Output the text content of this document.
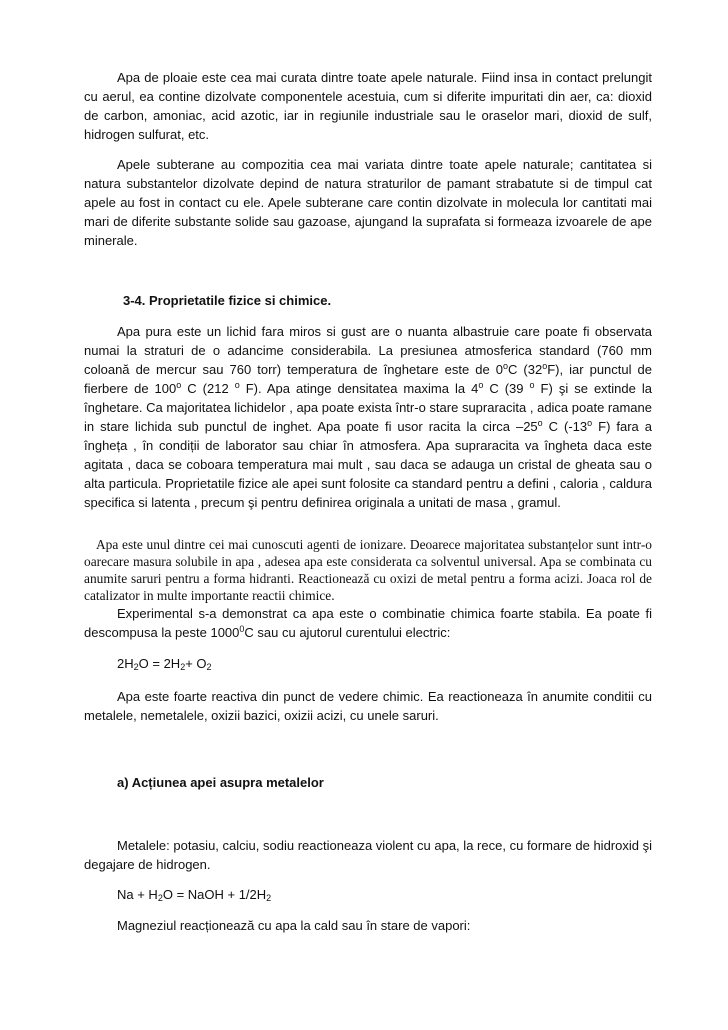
Apa de ploaie este cea mai curata dintre toate apele naturale. Fiind insa in contact prelungit cu aerul, ea contine dizolvate componentele acestuia, cum si diferite impuritati din aer, ca: dioxid de carbon, amoniac, acid azotic, iar in regiunile industriale sau le oraselor mari, dioxid de sulf, hidrogen sulfurat, etc.

Apele subterane au compozitia cea mai variata dintre toate apele naturale; cantitatea si natura substantelor dizolvate depind de natura straturilor de pamant strabatute si de timpul cat apele au fost in contact cu ele. Apele subterane care contin dizolvate in molecula lor cantitati mai mari de diferite substante solide sau gazoase, ajungand la suprafata si formeaza izvoarele de ape minerale.

3-4. Proprietatile fizice si chimice.

Apa pura este un lichid fara miros si gust are o nuanta albastruie care poate fi observata numai la straturi de o adancime considerabila. La presiunea atmosferica standard (760 mm coloană de mercur sau 760 torr) temperatura de înghetare este de 0$^o$C (32$^o$F), iar punctul de fierbere de 100$^o$ C (212 $^o$ F). Apa atinge densitatea maxima la 4$^o$ C (39 $^o$ F) şi se extinde la înghetare. Ca majoritatea lichidelor , apa poate exista într-o stare supraracita , adica poate ramane in stare lichida sub punctul de inghet. Apa poate fi usor racita la circa –25$^o$ C (-13$^o$ F) fara a îngheța , în condiții de laborator sau chiar în atmosfera. Apa supraracita va îngheta daca este agitata , daca se coboara temperatura mai mult , sau daca se adauga un cristal de gheata sau o alta particula. Proprietatile fizice ale apei sunt folosite ca standard pentru a defini , caloria , caldura specifica si latenta , precum şi pentru definirea originala a unitati de masa , gramul.

Apa este unul dintre cei mai cunoscuti agenti de ionizare. Deoarece majoritatea substanțelor sunt intr-o oarecare masura solubile in apa , adesea apa este considerata ca solventul universal. Apa se combinata cu anumite saruri pentru a forma hidranti. Reactionează cu oxizi de metal pentru a forma acizi. Joaca rol de catalizator in multe importante reactii chimice.

Experimental s-a demonstrat ca apa este o combinatie chimica foarte stabila. Ea poate fi descompusa la peste 1000$^0$C sau cu ajutorul curentului electric:

$2H_2O = 2H_2+ O_2$

Apa este foarte reactiva din punct de vedere chimic. Ea reactioneaza în anumite conditii cu metalele, nemetalele, oxizii bazici, oxizii acizi, cu unele saruri.

a) Acțiunea apei asupra metalelor

Metalele: potasiu, calciu, sodiu reactioneaza violent cu apa, la rece, cu formare de hidroxid şi degajare de hidrogen.

$Na + H_2O$ = NaOH + $1/2H_2$

Magneziul reacționează cu apa la cald sau în stare de vapori:
